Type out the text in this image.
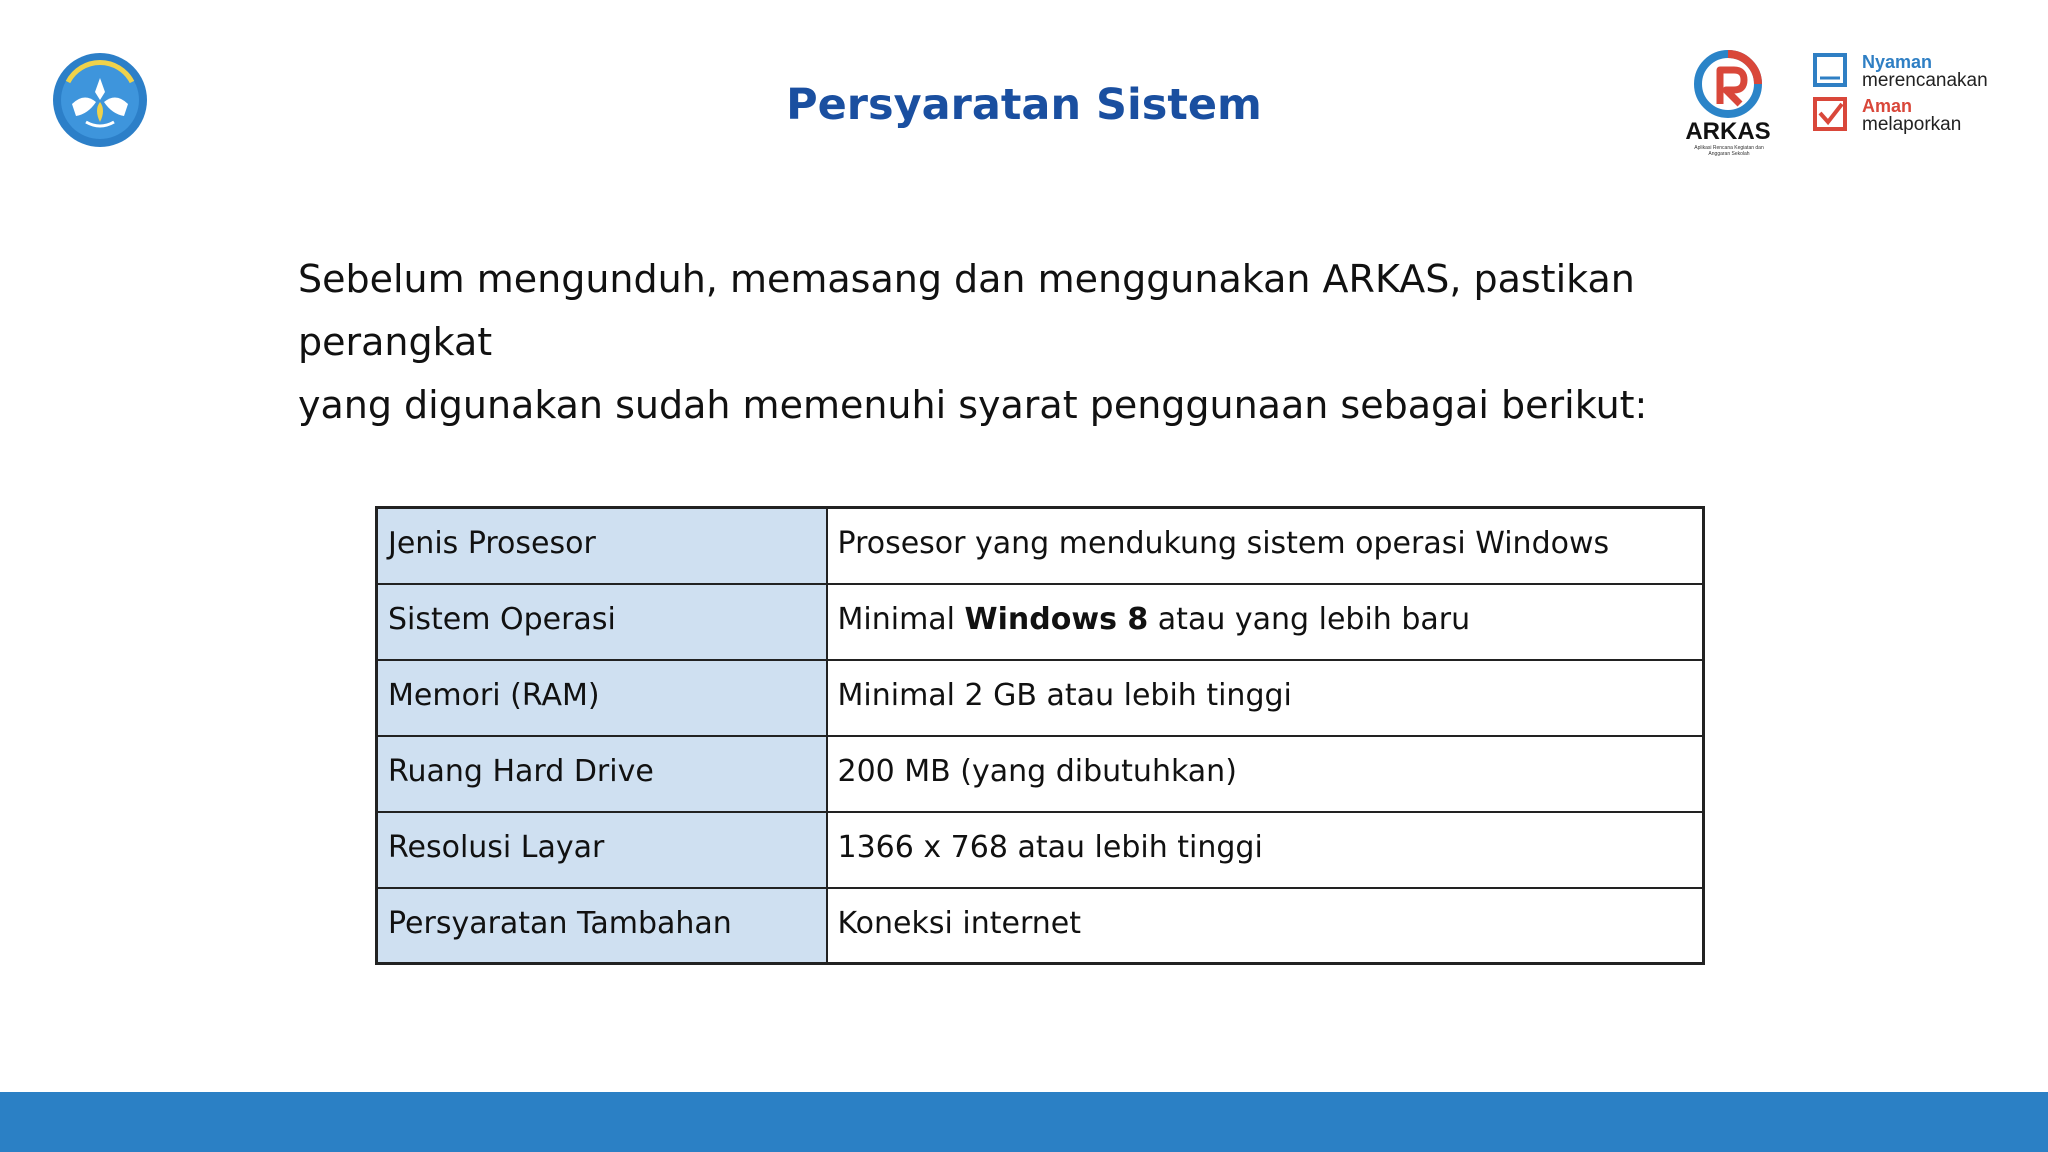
Persyaratan Sistem
ARKAS
Aplikasi Rencana Kegiatan dan Anggaran Sekolah
Nyaman
merencanakan
Aman
melaporkan
Sebelum mengunduh, memasang dan menggunakan ARKAS, pastikan perangkat
yang digunakan sudah memenuhi syarat penggunaan sebagai berikut:
Jenis Prosesor	Prosesor yang mendukung sistem operasi Windows
Sistem Operasi	Minimal Windows 8 atau yang lebih baru
Memori (RAM)	Minimal 2 GB atau lebih tinggi
Ruang Hard Drive	200 MB (yang dibutuhkan)
Resolusi Layar	1366 x 768 atau lebih tinggi
Persyaratan Tambahan	Koneksi internet
